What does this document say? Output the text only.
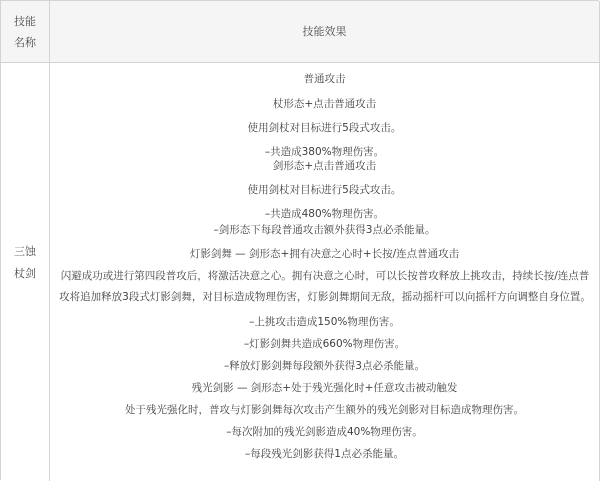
技能
名称
技能效果
三蚀
杖剑
普通攻击
杖形态+点击普通攻击
使用剑杖对目标进行5段式攻击。
–共造成380%物理伤害。
剑形态+点击普通攻击
使用剑杖对目标进行5段式攻击。
–共造成480%物理伤害。
–剑形态下每段普通攻击额外获得3点必杀能量。
灯影剑舞 — 剑形态+拥有决意之心时+长按/连点普通攻击
闪避成功或进行第四段普攻后，将激活决意之心。拥有决意之心时，可以长按普攻释放上挑攻击，持续长按/连点普攻将追加释放3段式灯影剑舞，对目标造成物理伤害，灯影剑舞期间无敌，摇动摇杆可以向摇杆方向调整自身位置。
–上挑攻击造成150%物理伤害。
–灯影剑舞共造成660%物理伤害。
–释放灯影剑舞每段额外获得3点必杀能量。
残光剑影 — 剑形态+处于残光强化时+任意攻击被动触发
处于残光强化时，普攻与灯影剑舞每次攻击产生额外的残光剑影对目标造成物理伤害。
–每次附加的残光剑影造成40%物理伤害。
–每段残光剑影获得1点必杀能量。
